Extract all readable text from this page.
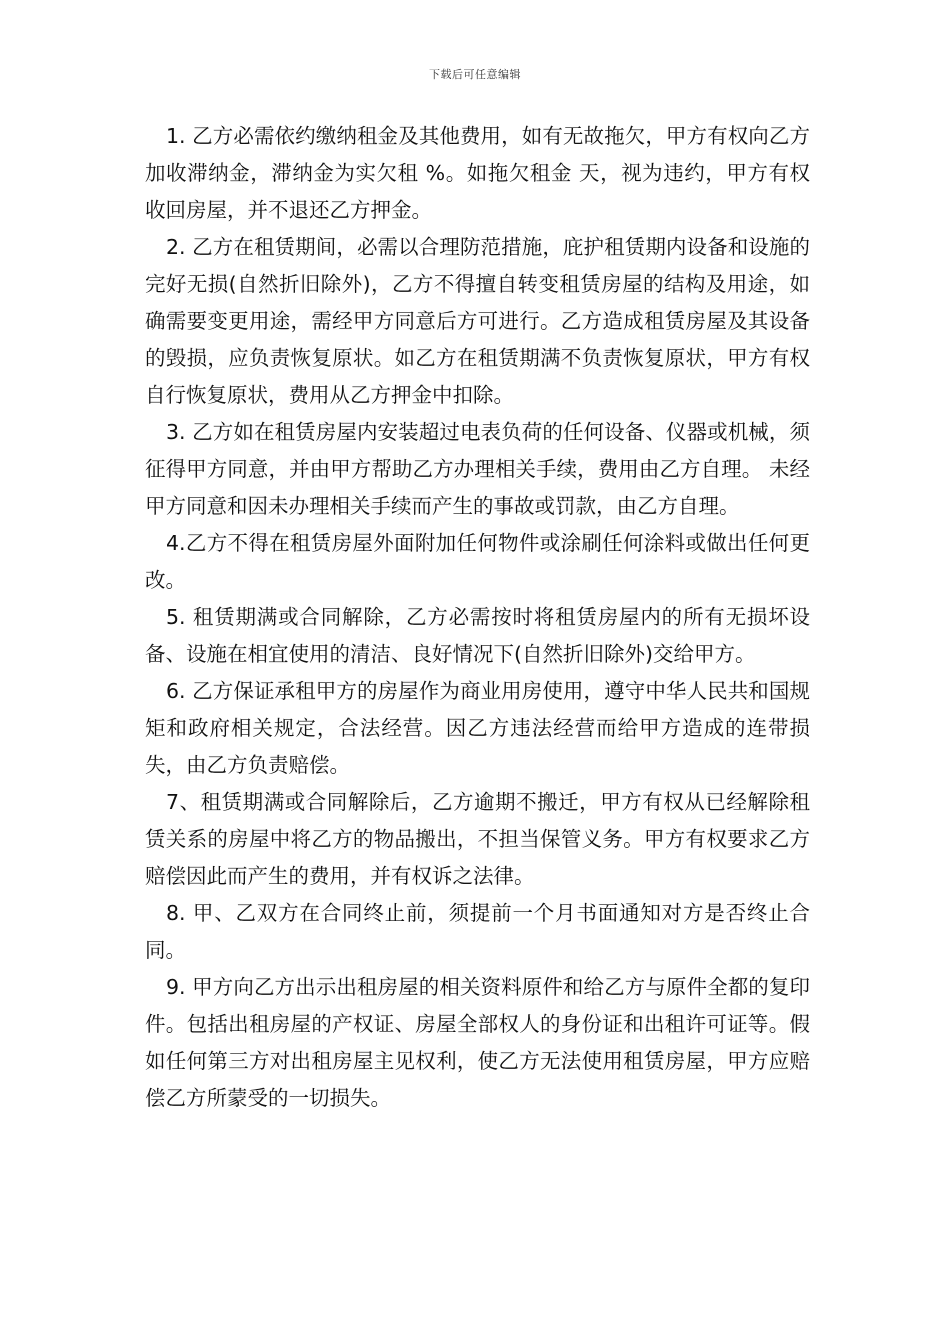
下载后可任意编辑

1. 乙方必需依约缴纳租金及其他费用，如有无故拖欠，甲方有权向乙方加收滞纳金，滞纳金为实欠租 %。如拖欠租金 天，视为违约，甲方有权收回房屋，并不退还乙方押金。

2. 乙方在租赁期间，必需以合理防范措施，庇护租赁期内设备和设施的完好无损(自然折旧除外)，乙方不得擅自转变租赁房屋的结构及用途，如确需要变更用途，需经甲方同意后方可进行。乙方造成租赁房屋及其设备的毁损，应负责恢复原状。如乙方在租赁期满不负责恢复原状，甲方有权自行恢复原状，费用从乙方押金中扣除。

3. 乙方如在租赁房屋内安装超过电表负荷的任何设备、仪器或机械，须征得甲方同意，并由甲方帮助乙方办理相关手续，费用由乙方自理。 未经甲方同意和因未办理相关手续而产生的事故或罚款，由乙方自理。

4.乙方不得在租赁房屋外面附加任何物件或涂刷任何涂料或做出任何更改。

5. 租赁期满或合同解除，乙方必需按时将租赁房屋内的所有无损坏设备、设施在相宜使用的清洁、良好情况下(自然折旧除外)交给甲方。

6. 乙方保证承租甲方的房屋作为商业用房使用，遵守中华人民共和国规矩和政府相关规定，合法经营。因乙方违法经营而给甲方造成的连带损失，由乙方负责赔偿。

7、租赁期满或合同解除后，乙方逾期不搬迁，甲方有权从已经解除租赁关系的房屋中将乙方的物品搬出，不担当保管义务。甲方有权要求乙方赔偿因此而产生的费用，并有权诉之法律。

8. 甲、乙双方在合同终止前，须提前一个月书面通知对方是否终止合同。

9. 甲方向乙方出示出租房屋的相关资料原件和给乙方与原件全都的复印件。包括出租房屋的产权证、房屋全部权人的身份证和出租许可证等。假如任何第三方对出租房屋主见权利，使乙方无法使用租赁房屋，甲方应赔偿乙方所蒙受的一切损失。
